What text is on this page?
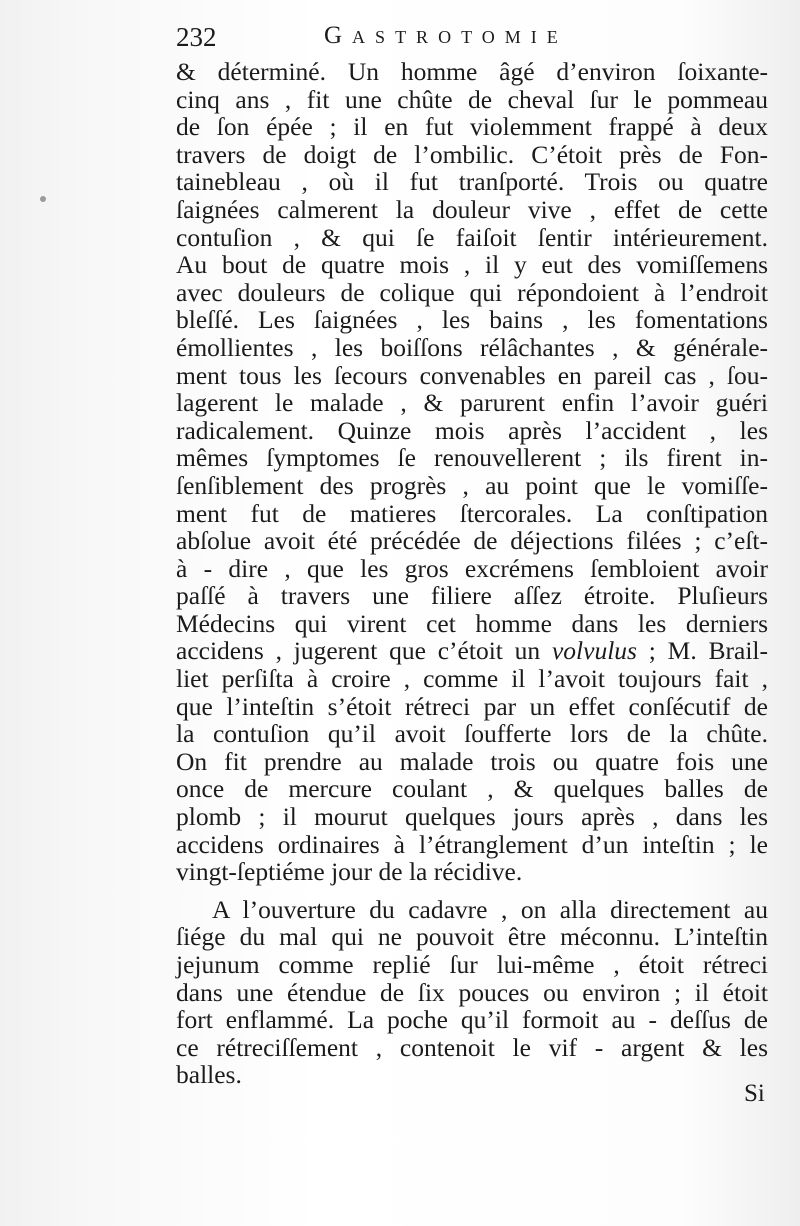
232	Gastrotomie
& déterminé. Un homme âgé d’environ ſoixante-
cinq ans , fit une chûte de cheval ſur le pommeau
de ſon épée ; il en fut violemment frappé à deux
travers de doigt de l’ombilic. C’étoit près de Fon-
tainebleau , où il fut tranſporté. Trois ou quatre
ſaignées calmerent la douleur vive , effet de cette
contuſion , & qui ſe faiſoit ſentir intérieurement.
Au bout de quatre mois , il y eut des vomiſſemens
avec douleurs de colique qui répondoient à l’endroit
bleſſé. Les ſaignées , les bains , les fomentations
émollientes , les boiſſons rélâchantes , & générale-
ment tous les ſecours convenables en pareil cas , ſou-
lagerent le malade , & parurent enfin l’avoir guéri
radicalement. Quinze mois après l’accident , les
mêmes ſymptomes ſe renouvellerent ; ils firent in-
ſenſiblement des progrès , au point que le vomiſſe-
ment fut de matieres ſtercorales. La conſtipation
abſolue avoit été précédée de déjections filées ; c’eſt-
à - dire , que les gros excrémens ſembloient avoir
paſſé à travers une filiere aſſez étroite. Pluſieurs
Médecins qui virent cet homme dans les derniers
accidens , jugerent que c’étoit un volvulus ; M. Brail-
liet perſiſta à croire , comme il l’avoit toujours fait ,
que l’inteſtin s’étoit rétreci par un effet conſécutif de
la contuſion qu’il avoit ſoufferte lors de la chûte.
On fit prendre au malade trois ou quatre fois une
once de mercure coulant , & quelques balles de
plomb ; il mourut quelques jours après , dans les
accidens ordinaires à l’étranglement d’un inteſtin ; le
vingt-ſeptiéme jour de la récidive.
A l’ouverture du cadavre , on alla directement au
ſiége du mal qui ne pouvoit être méconnu. L’inteſtin
jejunum comme replié ſur lui-même , étoit rétreci
dans une étendue de ſix pouces ou environ ; il étoit
fort enflammé. La poche qu’il formoit au - deſſus de
ce rétreciſſement , contenoit le vif - argent & les
balles.
Si
